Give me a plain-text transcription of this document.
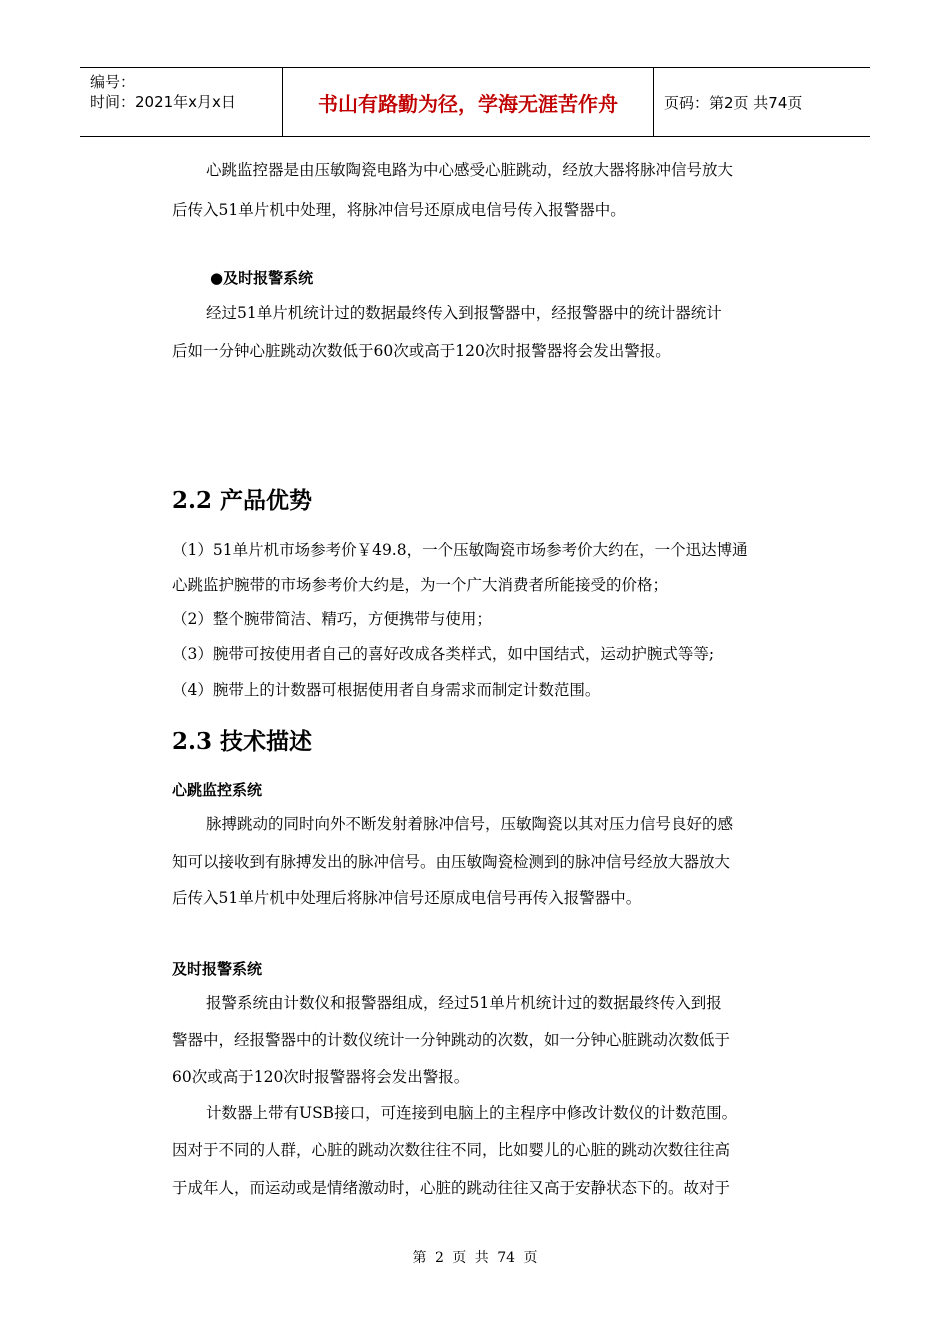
编号：
时间：2021年x月x日	书山有路勤为径，学海无涯苦作舟	页码：第2页 共74页
心跳监控器是由压敏陶瓷电路为中心感受心脏跳动，经放大器将脉冲信号放大
后传入51单片机中处理，将脉冲信号还原成电信号传入报警器中。
●及时报警系统
经过51单片机统计过的数据最终传入到报警器中，经报警器中的统计器统计
后如一分钟心脏跳动次数低于60次或高于120次时报警器将会发出警报。
2.2 产品优势
（1）51单片机市场参考价￥49.8，一个压敏陶瓷市场参考价大约在，一个迅达博通
心跳监护腕带的市场参考价大约是，为一个广大消费者所能接受的价格；
（2）整个腕带简洁、精巧，方便携带与使用；
（3）腕带可按使用者自己的喜好改成各类样式，如中国结式，运动护腕式等等;
（4）腕带上的计数器可根据使用者自身需求而制定计数范围。
2.3 技术描述
心跳监控系统
脉搏跳动的同时向外不断发射着脉冲信号，压敏陶瓷以其对压力信号良好的感
知可以接收到有脉搏发出的脉冲信号。由压敏陶瓷检测到的脉冲信号经放大器放大
后传入51单片机中处理后将脉冲信号还原成电信号再传入报警器中。
及时报警系统
报警系统由计数仪和报警器组成，经过51单片机统计过的数据最终传入到报
警器中，经报警器中的计数仪统计一分钟跳动的次数，如一分钟心脏跳动次数低于
60次或高于120次时报警器将会发出警报。
计数器上带有USB接口，可连接到电脑上的主程序中修改计数仪的计数范围。
因对于不同的人群，心脏的跳动次数往往不同，比如婴儿的心脏的跳动次数往往高
于成年人，而运动或是情绪激动时，心脏的跳动往往又高于安静状态下的。故对于
第 2 页 共 74 页
